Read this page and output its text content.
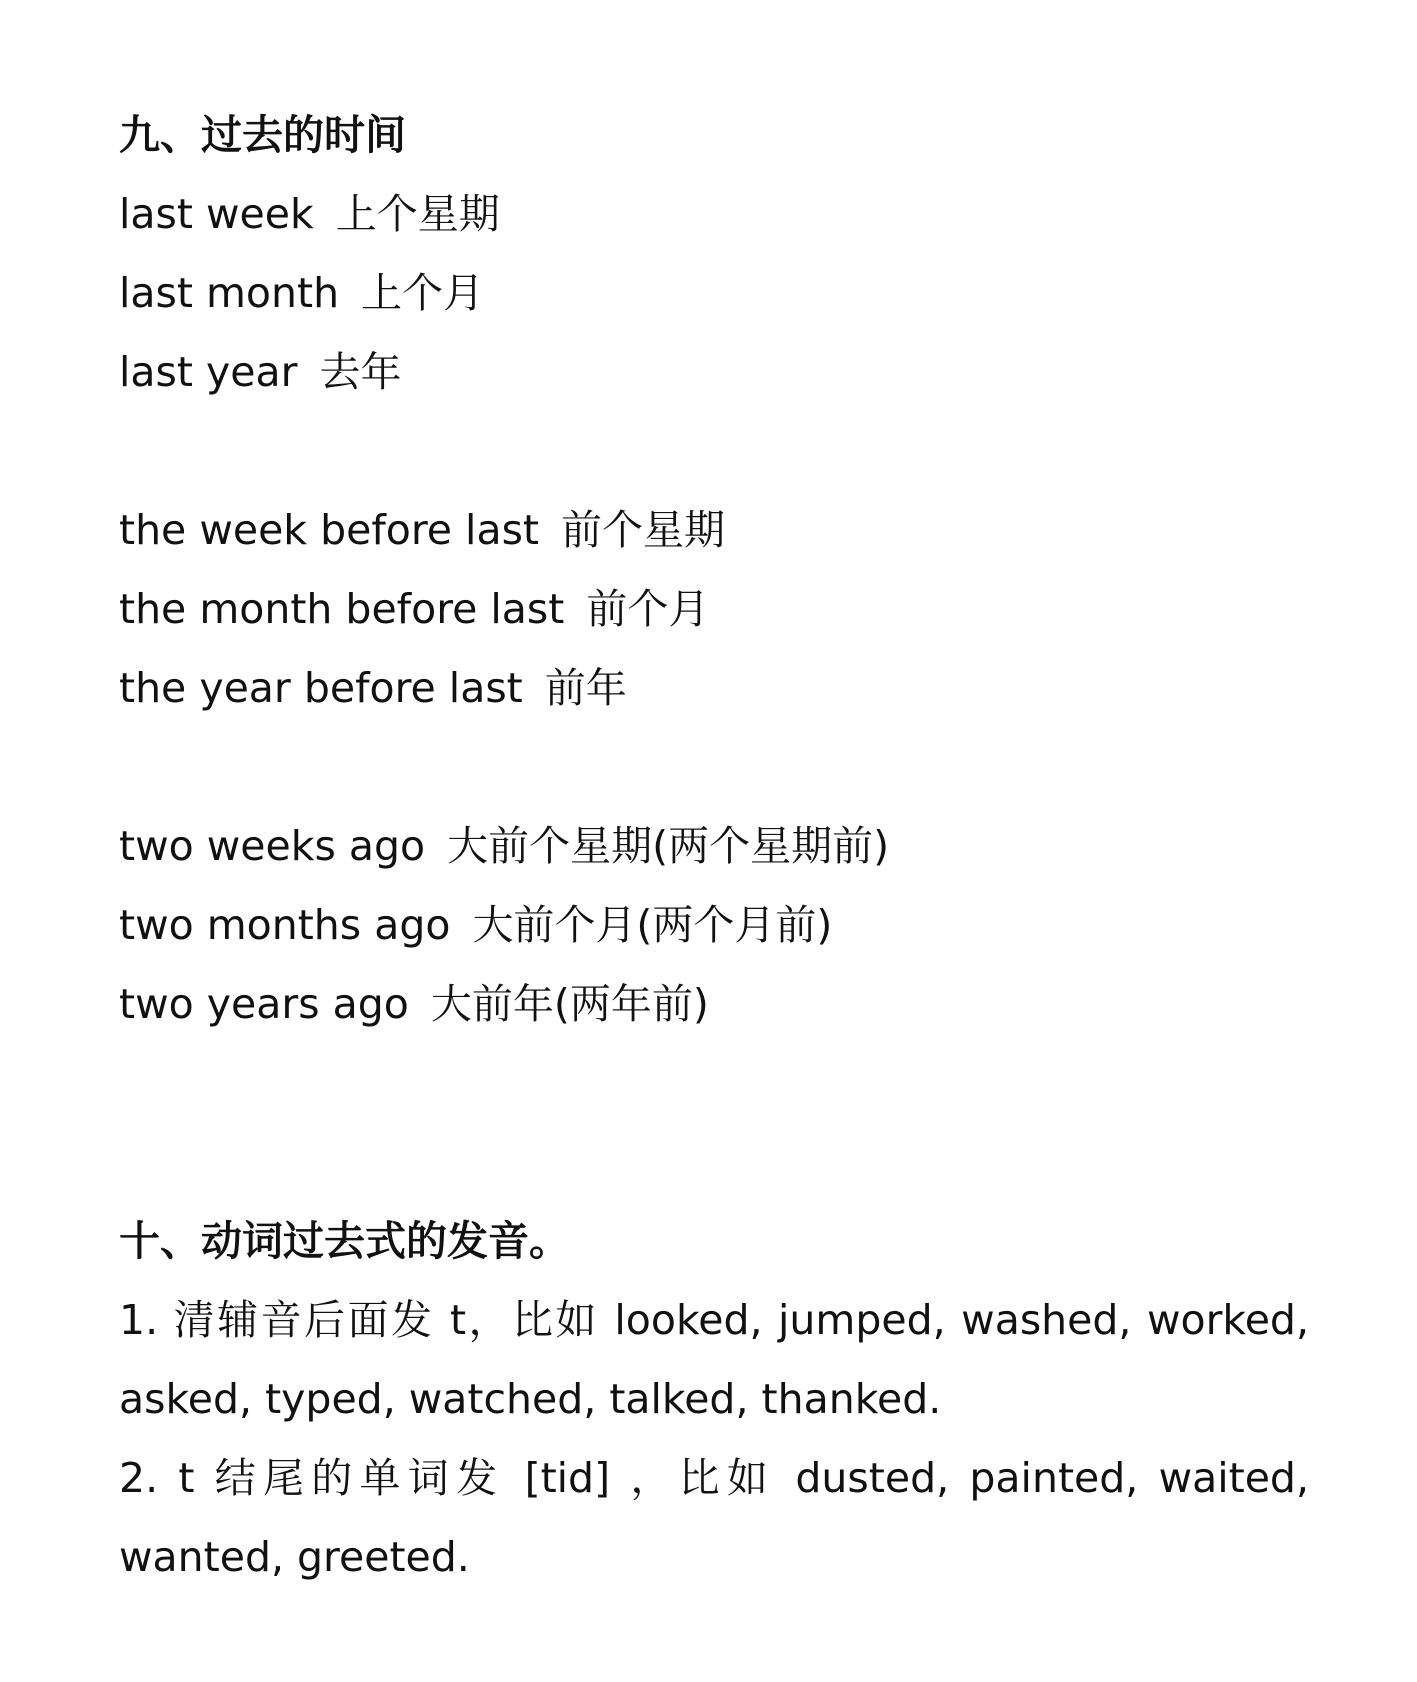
九、过去的时间
last week 上个星期
last month 上个月
last year 去年
the week before last 前个星期
the month before last 前个月
the year before last 前年
two weeks ago 大前个星期(两个星期前)
two months ago 大前个月(两个月前)
two years ago 大前年(两年前)
十、动词过去式的发音。
1. 清辅音后面发 t，比如 looked, jumped, washed, worked, asked, typed, watched, talked, thanked.
2. t 结尾的单词发 [tid] ，比如 dusted, painted, waited, wanted, greeted.
